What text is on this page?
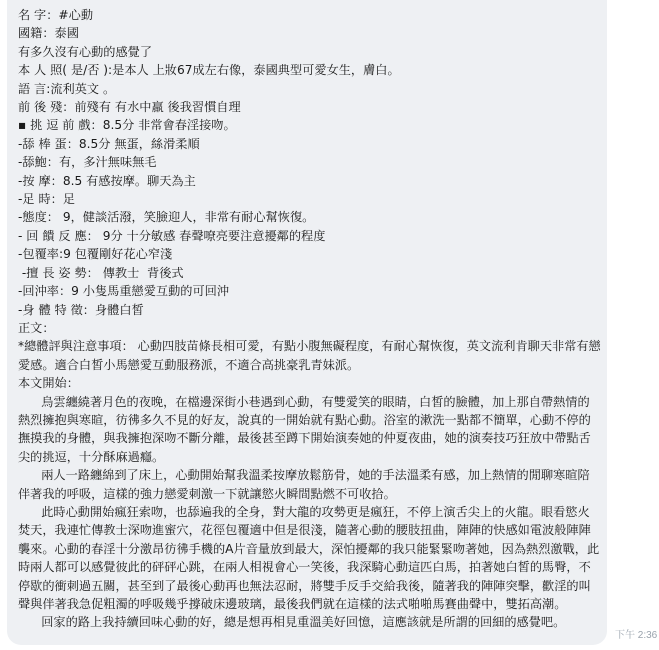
名 字：#心動
國籍：泰國
有多久沒有心動的感覺了
本 人 照( 是/否 ):是本人 上妝67成左右像，泰國典型可愛女生，膚白。
語 言:流利英文 。
前 後 殘：前殘有 有水中羸 後我習慣自理
▪ 挑 逗 前 戲：8.5分 非常會春淫接吻。
-舔 棒 蛋：8.5分 無蛋，絲滑柔順
-舔鮑：有，多汁無味無毛
-按 摩：8.5 有感按摩。聊天為主
-足 時：足
-態度： 9，健談活潑，笑臉迎人，非常有耐心幫恢復。
- 回 饋 反 應： 9分 十分敏感 春聲嘹亮要注意擾鄰的程度
-包覆率:9 包覆剛好花心窄淺
-擅 長 姿 勢： 傳教士  背後式
-回沖率：9 小隻馬重戀愛互動的可回沖
-身 體 特 徵：身體白皙
正文：
*總體評與注意事項： 心動四肢苗條長相可愛，有點小腹無礙程度，有耐心幫恢復，英文流利肯聊天非常有戀愛感。適合白皙小馬戀愛互動服務派，不適合高挑豪乳青妹派。
本文開始：
烏雲纏繞著月色的夜晚，在檔邊深街小巷遇到心動，有雙愛笑的眼睛，白皙的臉體，加上那自帶熱情的熱烈擁抱與寒暄，彷彿多久不見的好友，說真的一開始就有點心動。浴室的漱洗一點都不簡單，心動不停的撫摸我的身體，與我擁抱深吻不斷分離，最後甚至蹲下開始演奏她的仲夏夜曲，她的演奏技巧狂放中帶點舌尖的挑逗，十分酥麻過癮。
兩人一路纏綿到了床上，心動開始幫我溫柔按摩放鬆筋骨，她的手法溫柔有感，加上熱情的閒聊寒暄陪伴著我的呼吸，這樣的強力戀愛刺激一下就讓慾火瞬間點燃不可收拾。
此時心動開始瘋狂索吻，也舔遍我的全身，對大龍的攻勢更是瘋狂，不停上演舌尖上的火龍。眼看慾火焚天，我連忙傳教士深吻進蜜穴，花徑包覆適中但是很淺，隨著心動的腰肢扭曲，陣陣的快感如電波般陣陣襲來。心動的春淫十分激昂彷彿手機的A片音量放到最大，深怕擾鄰的我只能緊緊吻著她，因為熱烈激戰，此時兩人都可以感覺彼此的砰砰心跳，在兩人相視會心一笑後，我深騎心動這匹白馬，拍著她白皙的馬臀，不停歇的衝刺過五關，甚至到了最後心動再也無法忍耐，將雙手反手交給我後，隨著我的陣陣突擊，歡淫的叫聲與伴著我急促粗濁的呼吸幾乎撐破床邊玻璃，最後我們就在這樣的法式啪啪馬賽曲聲中，雙拓高潮。
回家的路上我持續回味心動的好，總是想再相見重溫美好回憶，這應該就是所謂的回細的感覺吧。
下午 2:36
